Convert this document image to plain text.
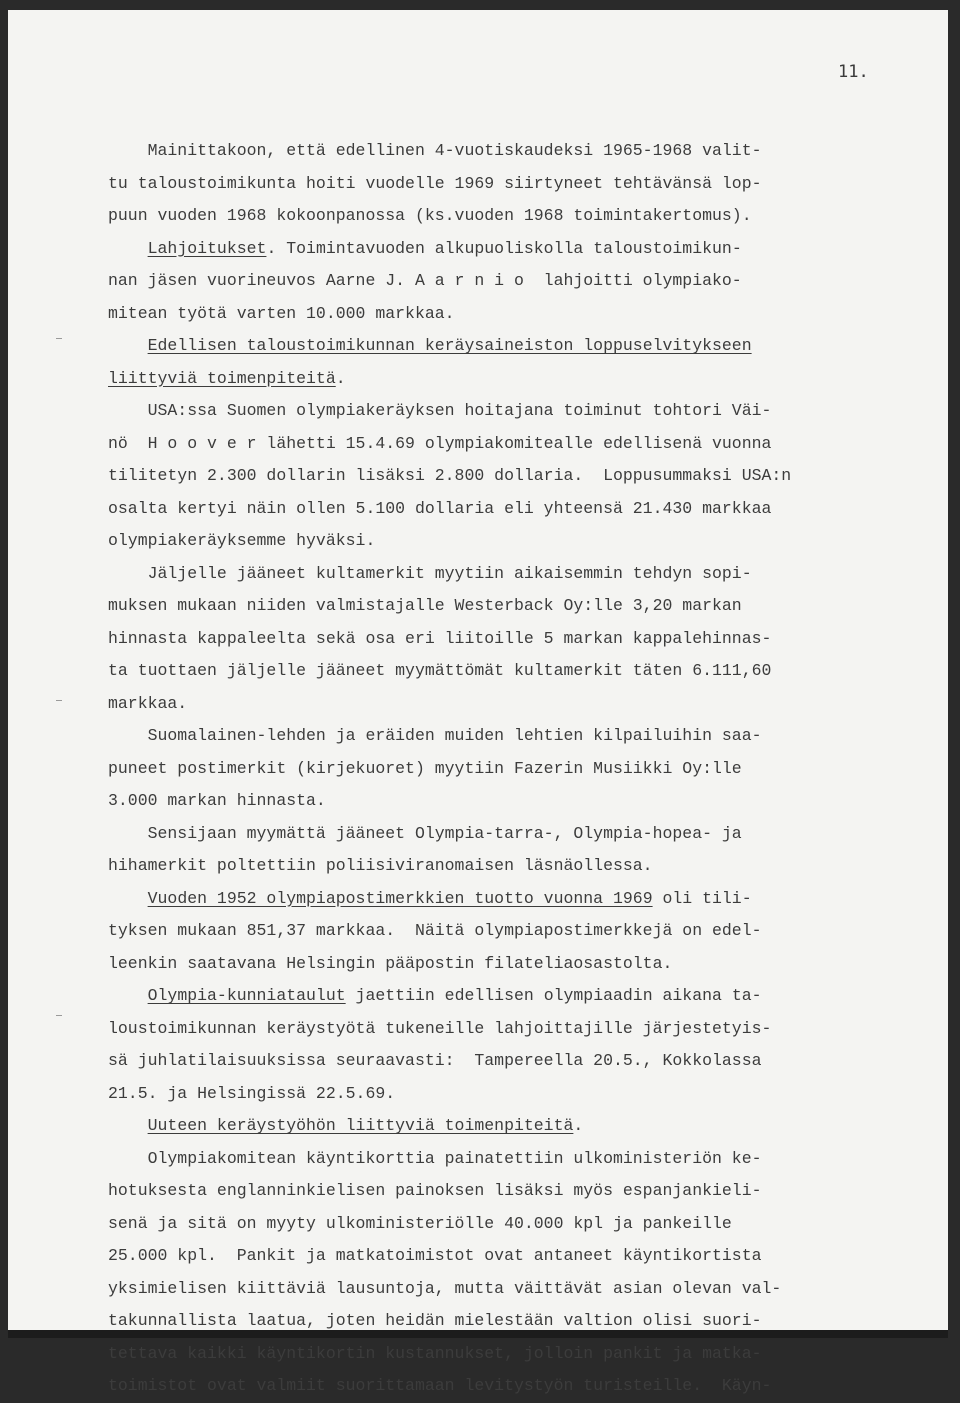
11.
Mainittakoon, että edellinen 4-vuotiskaudeksi 1965-1968 valit-
tu taloustoimikunta hoiti vuodelle 1969 siirtyneet tehtävänsä lop-
puun vuoden 1968 kokoonpanossa (ks.vuoden 1968 toimintakertomus).
Lahjoitukset. Toimintavuoden alkupuoliskolla taloustoimikun-
nan jäsen vuorineuvos Aarne J. A a r n i o  lahjoitti olympiako-
mitean työtä varten 10.000 markkaa.
Edellisen taloustoimikunnan keräysaineiston loppuselvitykseen
liittyviä toimenpiteitä.
USA:ssa Suomen olympiakeräyksen hoitajana toiminut tohtori Väi-
nö  H o o v e r lähetti 15.4.69 olympiakomitealle edellisenä vuonna
tilitetyn 2.300 dollarin lisäksi 2.800 dollaria.  Loppusummaksi USA:n
osalta kertyi näin ollen 5.100 dollaria eli yhteensä 21.430 markkaa
olympiakeräyksemme hyväksi.
Jäljelle jääneet kultamerkit myytiin aikaisemmin tehdyn sopi-
muksen mukaan niiden valmistajalle Westerback Oy:lle 3,20 markan
hinnasta kappaleelta sekä osa eri liitoille 5 markan kappalehinnas-
ta tuottaen jäljelle jääneet myymättömät kultamerkit täten 6.111,60
markkaa.
Suomalainen-lehden ja eräiden muiden lehtien kilpailuihin saa-
puneet postimerkit (kirjekuoret) myytiin Fazerin Musiikki Oy:lle
3.000 markan hinnasta.
Sensijaan myymättä jääneet Olympia-tarra-, Olympia-hopea- ja
hihamerkit poltettiin poliisiviranomaisen läsnäollessa.
Vuoden 1952 olympiapostimerkkien tuotto vuonna 1969 oli tili-
tyksen mukaan 851,37 markkaa.  Näitä olympiapostimerkkejä on edel-
leenkin saatavana Helsingin pääpostin filateliaosastolta.
Olympia-kunniataulut jaettiin edellisen olympiaadin aikana ta-
loustoimikunnan keräystyötä tukeneille lahjoittajille järjestetyis-
sä juhlatilaisuuksissa seuraavasti:  Tampereella 20.5., Kokkolassa
21.5. ja Helsingissä 22.5.69.
Uuteen keräystyöhön liittyviä toimenpiteitä.
Olympiakomitean käyntikorttia painatettiin ulkoministeriön ke-
hotuksesta englanninkielisen painoksen lisäksi myös espanjankieli-
senä ja sitä on myyty ulkoministeriölle 40.000 kpl ja pankeille
25.000 kpl.  Pankit ja matkatoimistot ovat antaneet käyntikortista
yksimielisen kiittäviä lausuntoja, mutta väittävät asian olevan val-
takunnallista laatua, joten heidän mielestään valtion olisi suori-
tettava kaikki käyntikortin kustannukset, jolloin pankit ja matka-
toimistot ovat valmiit suorittamaan levitystyön turisteille.  Käyn-
